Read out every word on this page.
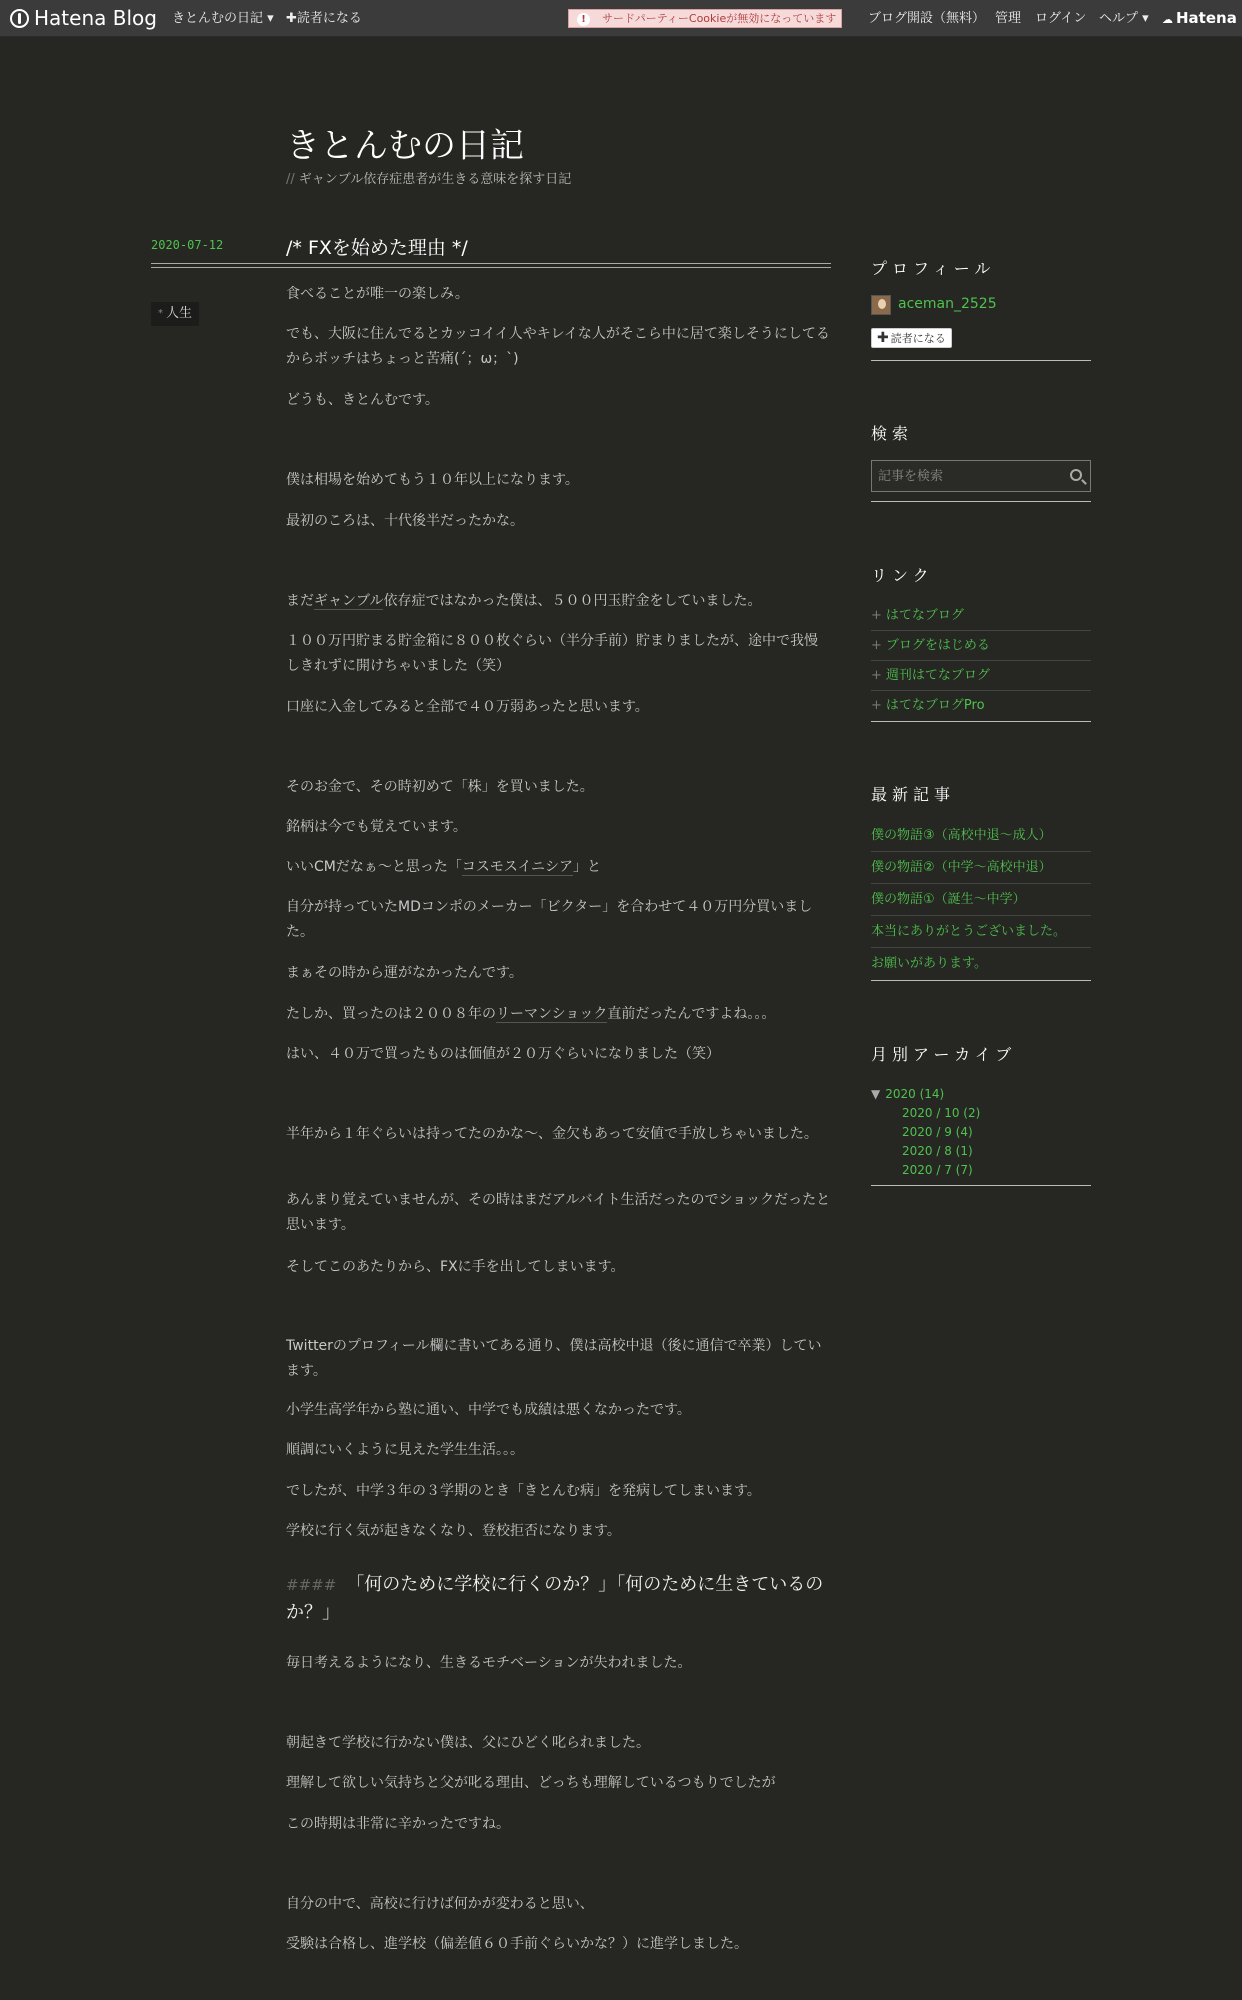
Hatena Blog きとんむの日記 ▾ ✚読者になる	! サードパーティーCookieが無効になっています	ブログ開設（無料） 管理 ログイン ヘルプ ▾ ☁ Hatena
きとんむの日記
// ギャンブル依存症患者が生きる意味を探す日記
2020-07-12	/* FXを始めた理由 */
* 人生
食べることが唯一の楽しみ。
でも、大阪に住んでるとカッコイイ人やキレイな人がそこら中に居て楽しそうにしてるからボッチはちょっと苦痛(´；ω；`)
どうも、きとんむです。
僕は相場を始めてもう１０年以上になります。
最初のころは、十代後半だったかな。
まだギャンブル依存症ではなかった僕は、５００円玉貯金をしていました。
１００万円貯まる貯金箱に８００枚ぐらい（半分手前）貯まりましたが、途中で我慢しきれずに開けちゃいました（笑）
口座に入金してみると全部で４０万弱あったと思います。
そのお金で、その時初めて「株」を買いました。
銘柄は今でも覚えています。
いいCMだなぁ～と思った「コスモスイニシア」と
自分が持っていたMDコンポのメーカー「ビクター」を合わせて４０万円分買いました。
まぁその時から運がなかったんです。
たしか、買ったのは２００８年のリーマンショック直前だったんですよね。。。
はい、４０万で買ったものは価値が２０万ぐらいになりました（笑）
半年から１年ぐらいは持ってたのかな～、金欠もあって安値で手放しちゃいました。
あんまり覚えていませんが、その時はまだアルバイト生活だったのでショックだったと思います。
そしてこのあたりから、FXに手を出してしまいます。
Twitterのプロフィール欄に書いてある通り、僕は高校中退（後に通信で卒業）しています。
小学生高学年から塾に通い、中学でも成績は悪くなかったです。
順調にいくように見えた学生生活。。。
でしたが、中学３年の３学期のとき「きとんむ病」を発病してしまいます。
学校に行く気が起きなくなり、登校拒否になります。
#### 「何のために学校に行くのか？」「何のために生きているのか？」
毎日考えるようになり、生きるモチベーションが失われました。
朝起きて学校に行かない僕は、父にひどく叱られました。
理解して欲しい気持ちと父が叱る理由、どっちも理解しているつもりでしたが
この時期は非常に辛かったですね。
自分の中で、高校に行けば何かが変わると思い、
受験は合格し、進学校（偏差値６０手前ぐらいかな？）に進学しました。
プロフィール
aceman_2525
✚ 読者になる
検索
記事を検索
リンク
+ はてなブログ
+ ブログをはじめる
+ 週刊はてなブログ
+ はてなブログPro
最新記事
僕の物語③（高校中退～成人）
僕の物語②（中学～高校中退）
僕の物語①（誕生～中学）
本当にありがとうございました。
お願いがあります。
月別アーカイブ
▼ 2020 (14)
2020 / 10 (2)
2020 / 9 (4)
2020 / 8 (1)
2020 / 7 (7)
